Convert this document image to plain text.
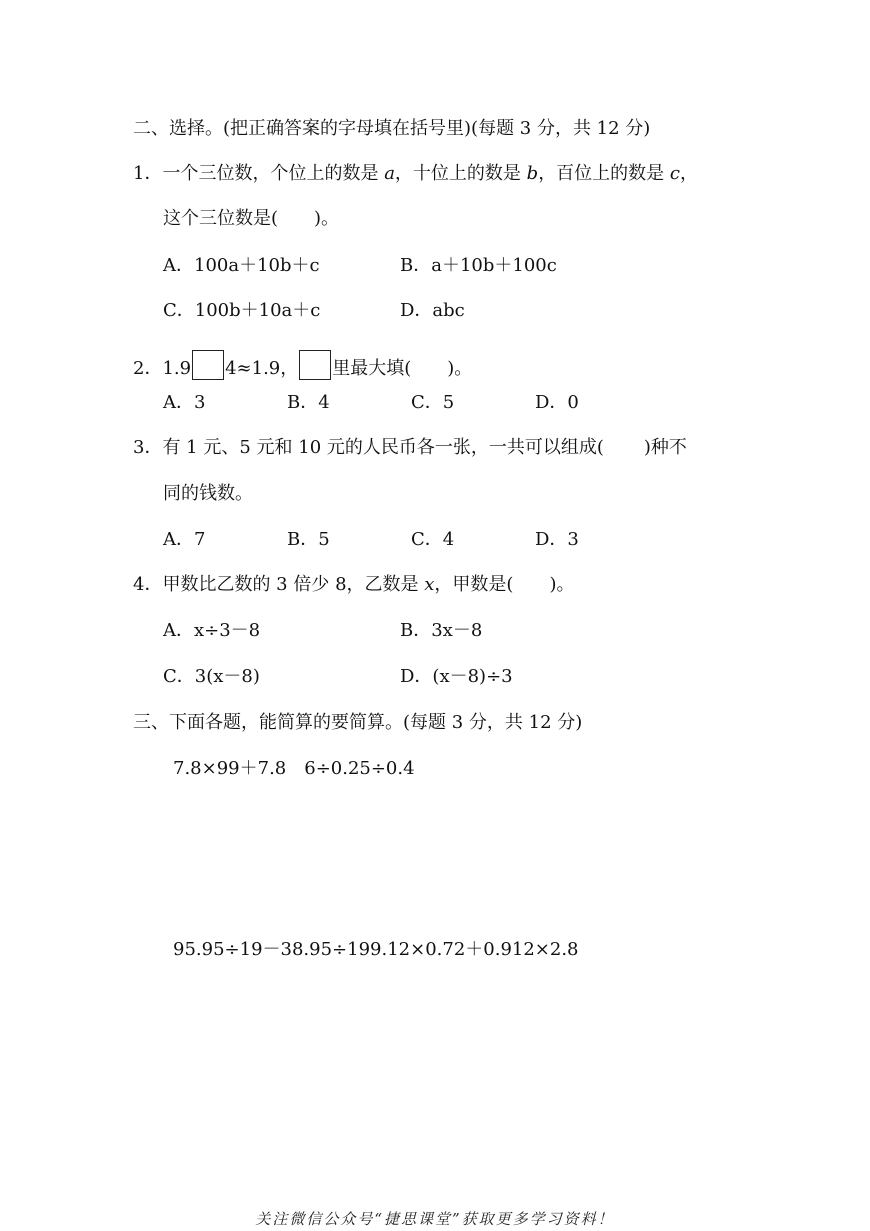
二、选择。(把正确答案的字母填在括号里)(每题 3 分，共 12 分)
1．一个三位数，个位上的数是 a，十位上的数是 b，百位上的数是 c，
这个三位数是( )。
A．100a＋10b＋c	B．a＋10b＋100c
C．100b＋10a＋c	D．abc
2．1.9 4≈1.9， 里最大填( )。
A．3	B．4	C．5	D．0
3．有 1 元、5 元和 10 元的人民币各一张，一共可以组成( )种不
同的钱数。
A．7	B．5	C．4	D．3
4．甲数比乙数的 3 倍少 8，乙数是 x，甲数是( )。
A．x÷3－8	B．3x－8
C．3(x－8)	D．(x－8)÷3
三、下面各题，能简算的要简算。(每题 3 分，共 12 分)
7.8×99＋7.8　6÷0.25÷0.4
95.95÷19－38.95÷199.12×0.72＋0.912×2.8
关注微信公众号“捷思课堂”获取更多学习资料！
